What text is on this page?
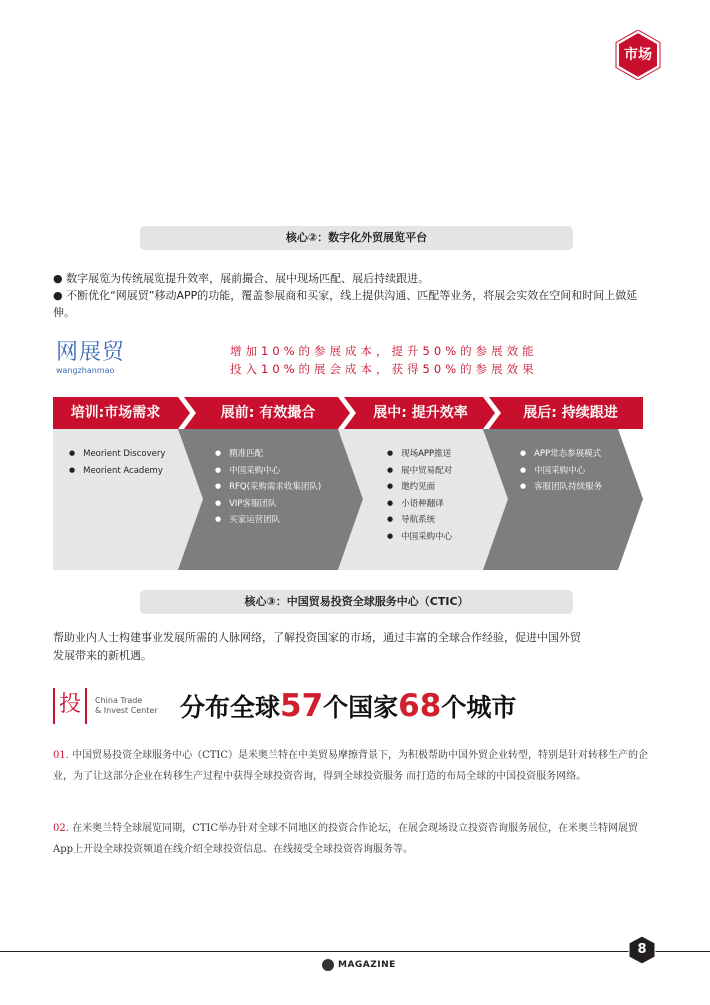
市场
核心②：数字化外贸展览平台
● 数字展览为传统展览提升效率，展前撮合、展中现场匹配、展后持续跟进。
● 不断优化“网展贸”移动APP的功能，覆盖参展商和买家，线上提供沟通、匹配等业务，将展会实效在空间和时间上做延伸。
网展贸
wangzhanmao
增加10%的参展成本，提升50%的参展效能
投入10%的展会成本，获得50%的参展效果
培训:市场需求	展前: 有效撮合	展中: 提升效率	展后: 持续跟进
● Meorient Discovery
● Meorient Academy
● 精准匹配
● 中国采购中心
● RFQ(采购需求收集团队)
● VIP客服团队
● 买家运营团队
● 现场APP推送
● 展中贸易配对
● 邀约见面
● 小语种翻译
● 导航系统
● 中国采购中心
● APP常态参展模式
● 中国采购中心
● 客服团队持续服务
核心③：中国贸易投资全球服务中心（CTIC）
帮助业内人士构建事业发展所需的人脉网络，了解投资国家的市场，通过丰富的全球合作经验，促进中国外贸
发展带来的新机遇。
投	China Trade
& Invest Center 分布全球57个国家68个城市
01. 中国贸易投资全球服务中心（CTIC）是米奥兰特在中美贸易摩擦背景下，为积极帮助中国外贸企业转型，特别是针对转移生产的企业，为了让这部分企业在转移生产过程中获得全球投资咨询，得到全球投资服务 而打造的布局全球的中国投资服务网络。
02. 在米奥兰特全球展览同期，CTIC举办针对全球不同地区的投资合作论坛，在展会现场设立投资咨询服务展位，在米奥兰特网展贸App上开设全球投资频道在线介绍全球投资信息、在线接受全球投资咨询服务等。
8
MAGAZINE
